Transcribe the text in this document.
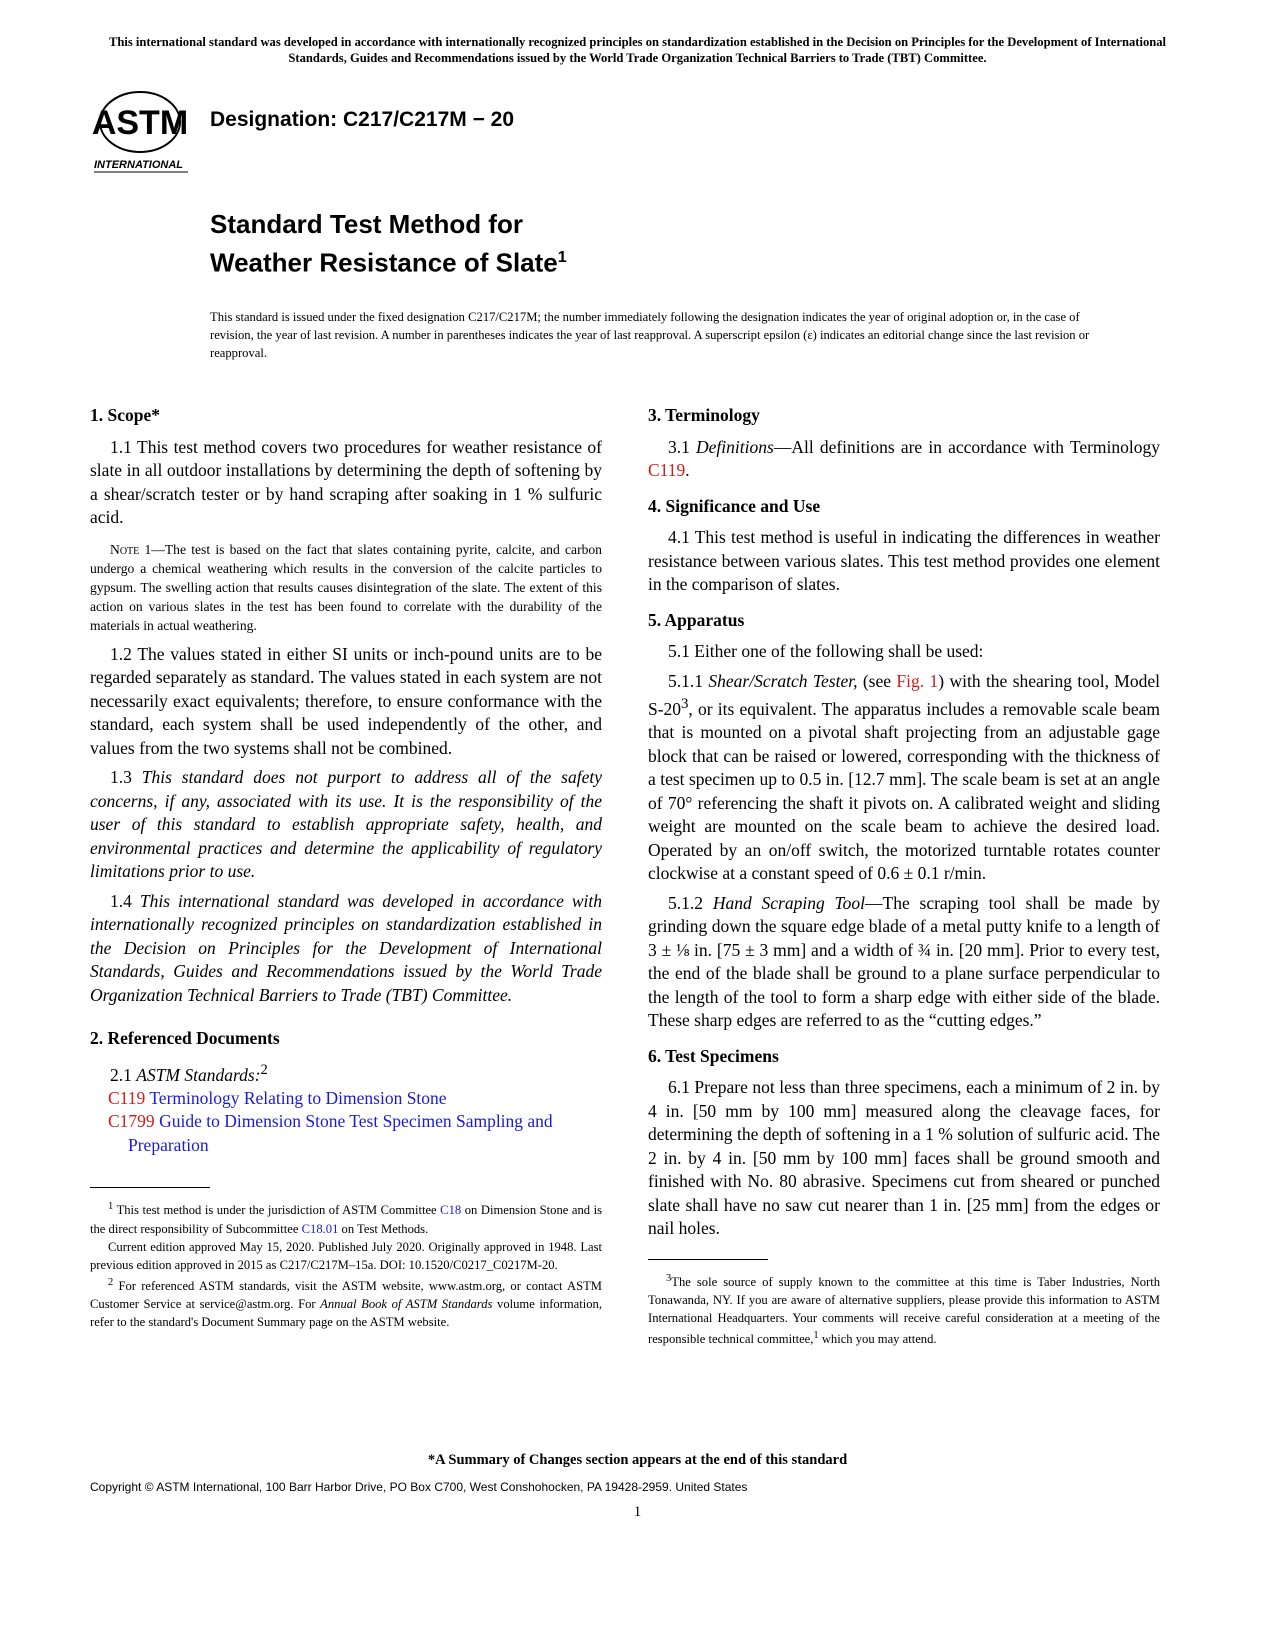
This international standard was developed in accordance with internationally recognized principles on standardization established in the Decision on Principles for the Development of International Standards, Guides and Recommendations issued by the World Trade Organization Technical Barriers to Trade (TBT) Committee.
ASTM
INTERNATIONAL
Designation: C217/C217M − 20
Standard Test Method for
Weather Resistance of Slate$^1$
This standard is issued under the fixed designation C217/C217M; the number immediately following the designation indicates the year of original adoption or, in the case of revision, the year of last revision. A number in parentheses indicates the year of last reapproval. A superscript epsilon (ε) indicates an editorial change since the last revision or reapproval.
1. Scope*

1.1 This test method covers two procedures for weather resistance of slate in all outdoor installations by determining the depth of softening by a shear/scratch tester or by hand scraping after soaking in 1 % sulfuric acid.

Note 1—The test is based on the fact that slates containing pyrite, calcite, and carbon undergo a chemical weathering which results in the conversion of the calcite particles to gypsum. The swelling action that results causes disintegration of the slate. The extent of this action on various slates in the test has been found to correlate with the durability of the materials in actual weathering.

1.2 The values stated in either SI units or inch-pound units are to be regarded separately as standard. The values stated in each system are not necessarily exact equivalents; therefore, to ensure conformance with the standard, each system shall be used independently of the other, and values from the two systems shall not be combined.

1.3 This standard does not purport to address all of the safety concerns, if any, associated with its use. It is the responsibility of the user of this standard to establish appropriate safety, health, and environmental practices and determine the applicability of regulatory limitations prior to use.

1.4 This international standard was developed in accordance with internationally recognized principles on standardization established in the Decision on Principles for the Development of International Standards, Guides and Recommendations issued by the World Trade Organization Technical Barriers to Trade (TBT) Committee.

2. Referenced Documents

2.1 ASTM Standards:$^2$

C119 Terminology Relating to Dimension Stone

C1799 Guide to Dimension Stone Test Specimen Sampling and Preparation

$^1$ This test method is under the jurisdiction of ASTM Committee C18 on Dimension Stone and is the direct responsibility of Subcommittee C18.01 on Test Methods.

Current edition approved May 15, 2020. Published July 2020. Originally approved in 1948. Last previous edition approved in 2015 as C217/C217M–15a. DOI: 10.1520/C0217_C0217M-20.

$^2$ For referenced ASTM standards, visit the ASTM website, www.astm.org, or contact ASTM Customer Service at service@astm.org. For Annual Book of ASTM Standards volume information, refer to the standard's Document Summary page on the ASTM website.

3. Terminology

3.1 Definitions—All definitions are in accordance with Terminology C119.

4. Significance and Use

4.1 This test method is useful in indicating the differences in weather resistance between various slates. This test method provides one element in the comparison of slates.

5. Apparatus

5.1 Either one of the following shall be used:

5.1.1 Shear/Scratch Tester, (see Fig. 1) with the shearing tool, Model $S-20^3$, or its equivalent. The apparatus includes a removable scale beam that is mounted on a pivotal shaft projecting from an adjustable gage block that can be raised or lowered, corresponding with the thickness of a test specimen up to 0.5 in. [12.7 mm]. The scale beam is set at an angle of 70° referencing the shaft it pivots on. A calibrated weight and sliding weight are mounted on the scale beam to achieve the desired load. Operated by an on/off switch, the motorized turntable rotates counter clockwise at a constant speed of 0.6 ± 0.1 r/min.

5.1.2 Hand Scraping Tool—The scraping tool shall be made by grinding down the square edge blade of a metal putty knife to a length of 3 ± ⅛ in. [75 ± 3 mm] and a width of ¾ in. [20 mm]. Prior to every test, the end of the blade shall be ground to a plane surface perpendicular to the length of the tool to form a sharp edge with either side of the blade. These sharp edges are referred to as the “cutting edges.”

6. Test Specimens

6.1 Prepare not less than three specimens, each a minimum of 2 in. by 4 in. [50 mm by 100 mm] measured along the cleavage faces, for determining the depth of softening in a 1 % solution of sulfuric acid. The 2 in. by 4 in. [50 mm by 100 mm] faces shall be ground smooth and finished with No. 80 abrasive. Specimens cut from sheared or punched slate shall have no saw cut nearer than 1 in. [25 mm] from the edges or nail holes.

$^3$The sole source of supply known to the committee at this time is Taber Industries, North Tonawanda, NY. If you are aware of alternative suppliers, please provide this information to ASTM International Headquarters. Your comments will receive careful consideration at a meeting of the responsible technical committee,$^1$ which you may attend.

*A Summary of Changes section appears at the end of this standard
Copyright © ASTM International, 100 Barr Harbor Drive, PO Box C700, West Conshohocken, PA 19428-2959. United States
1
